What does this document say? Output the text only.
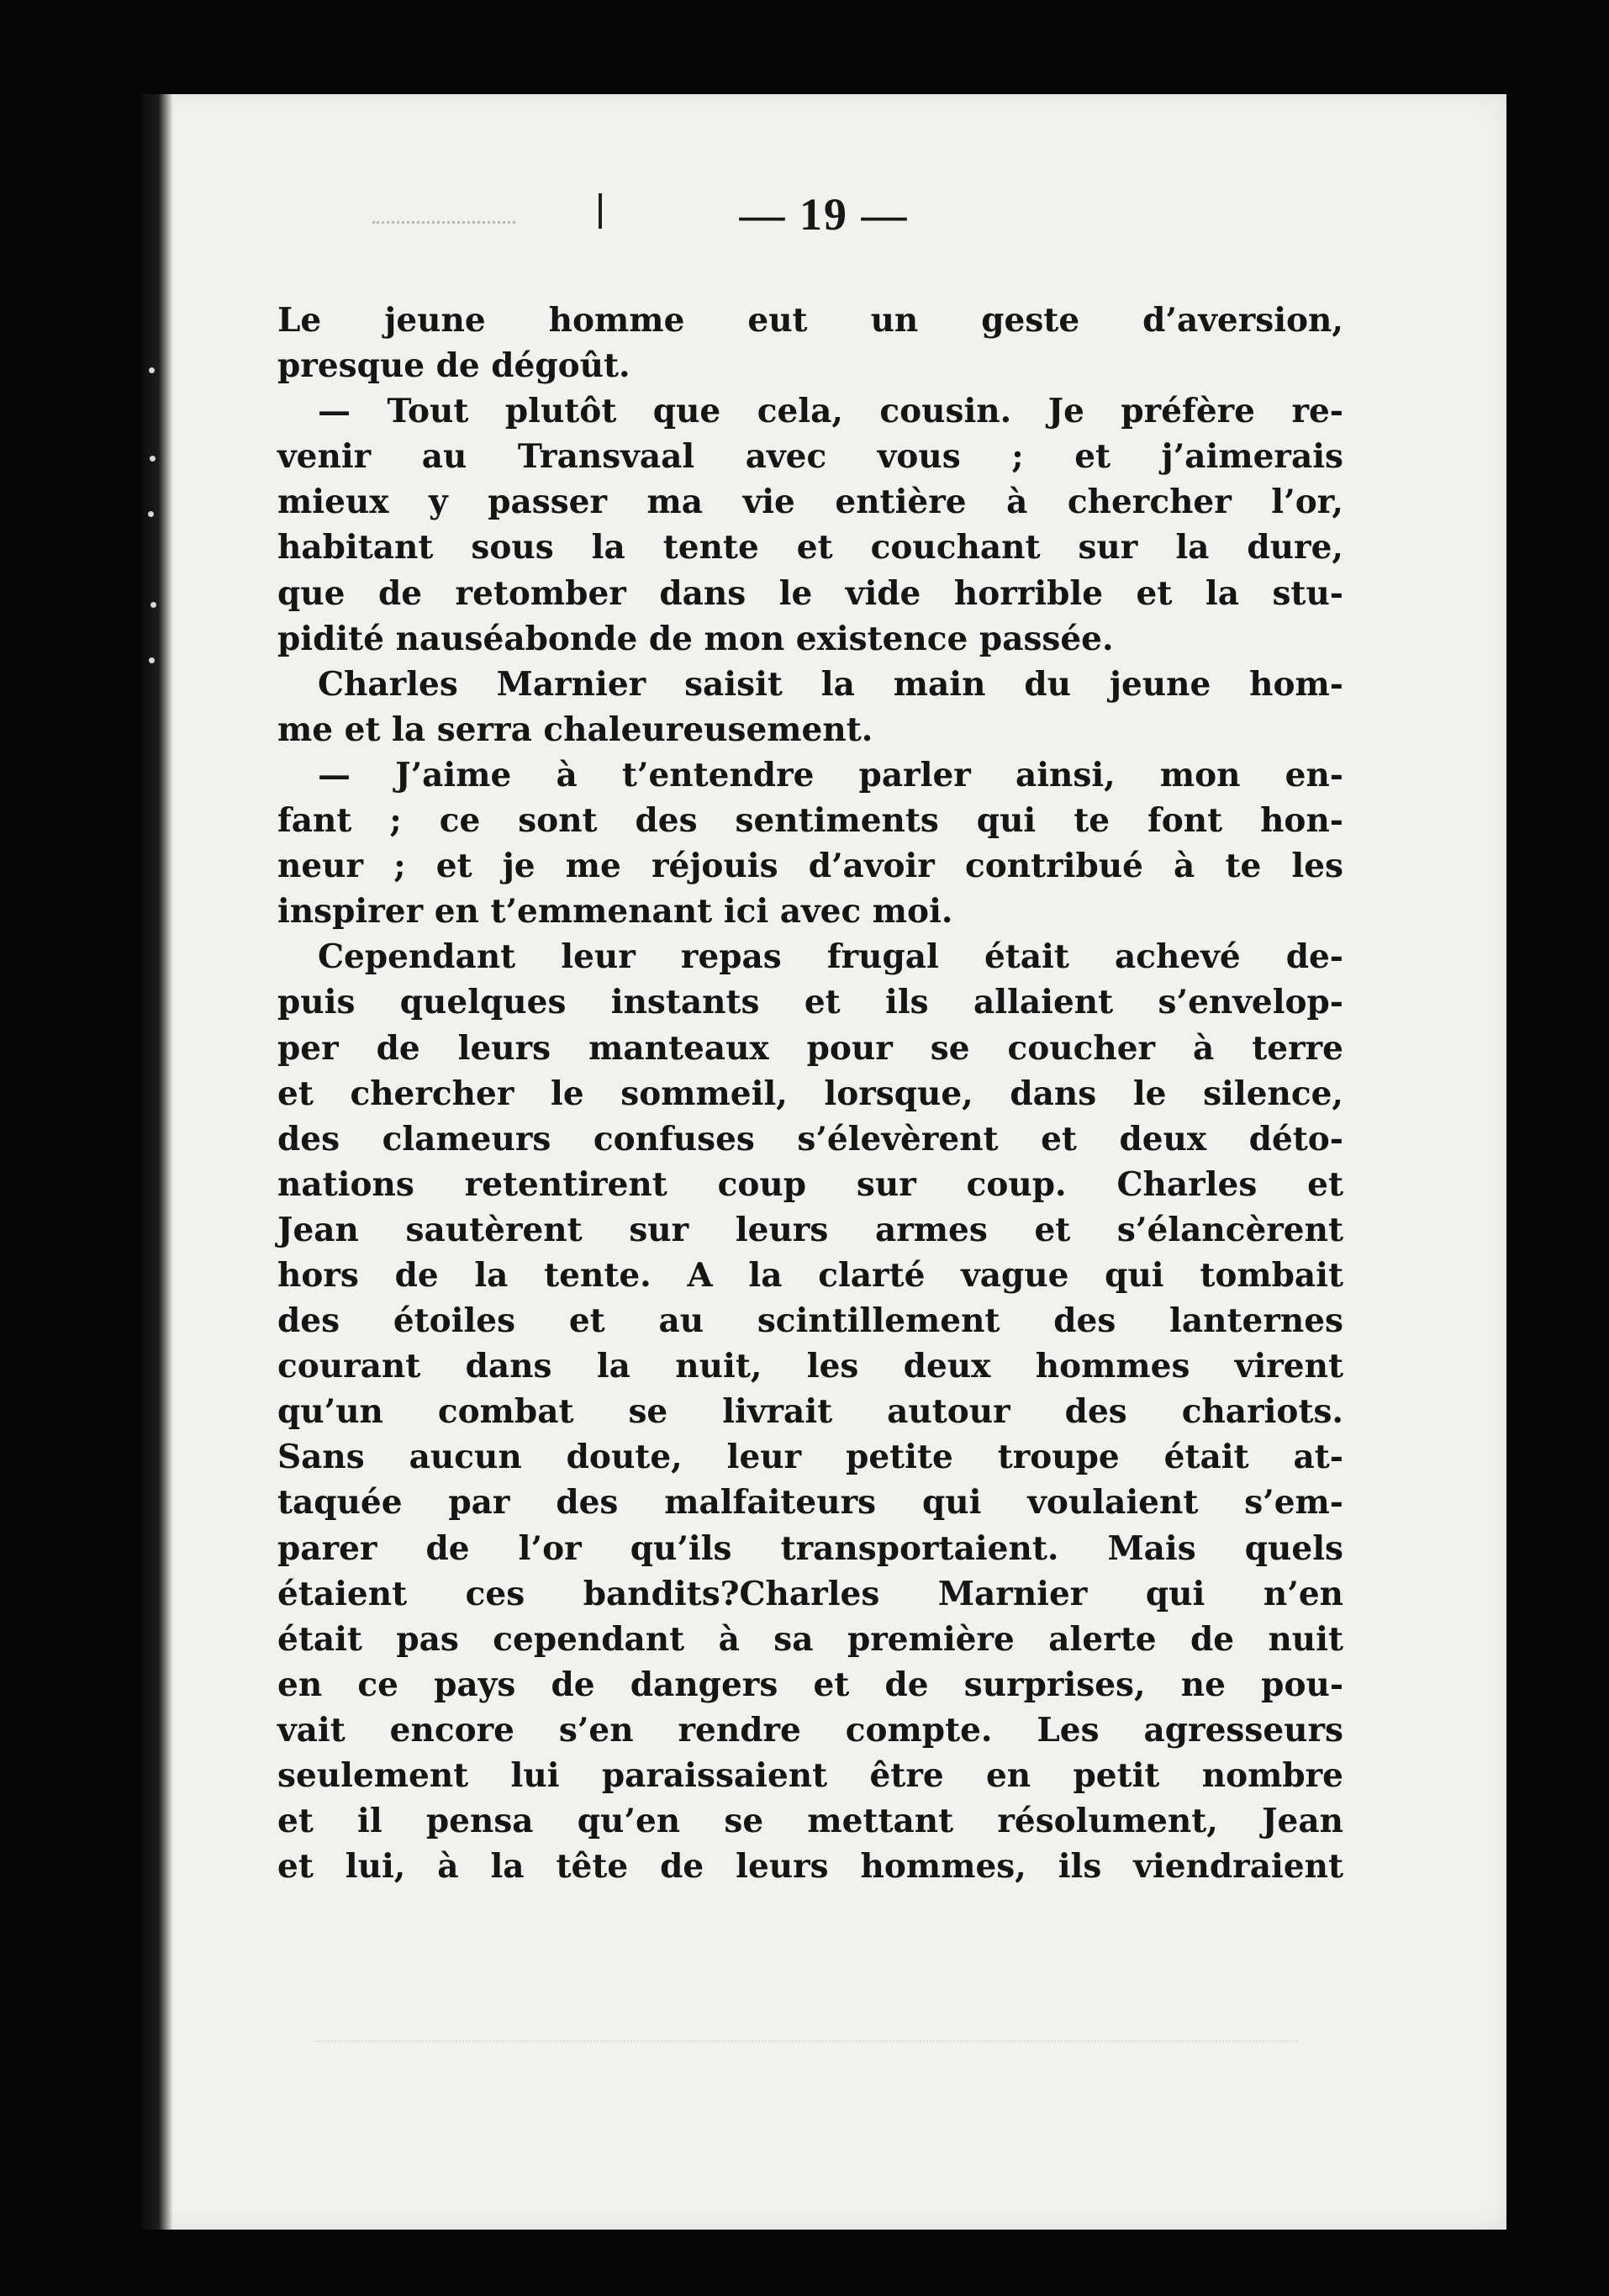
— 19 —
Le jeune homme eut un geste d’aversion,
presque de dégoût.
— Tout plutôt que cela, cousin. Je préfère re-
venir au Transvaal avec vous ; et j’aimerais
mieux y passer ma vie entière à chercher l’or,
habitant sous la tente et couchant sur la dure,
que de retomber dans le vide horrible et la stu-
pidité nauséabonde de mon existence passée.
Charles Marnier saisit la main du jeune hom-
me et la serra chaleureusement.
— J’aime à t’entendre parler ainsi, mon en-
fant ; ce sont des sentiments qui te font hon-
neur ; et je me réjouis d’avoir contribué à te les
inspirer en t’emmenant ici avec moi.
Cependant leur repas frugal était achevé de-
puis quelques instants et ils allaient s’envelop-
per de leurs manteaux pour se coucher à terre
et chercher le sommeil, lorsque, dans le silence,
des clameurs confuses s’élevèrent et deux déto-
nations retentirent coup sur coup. Charles et
Jean sautèrent sur leurs armes et s’élancèrent
hors de la tente. A la clarté vague qui tombait
des étoiles et au scintillement des lanternes
courant dans la nuit, les deux hommes virent
qu’un combat se livrait autour des chariots.
Sans aucun doute, leur petite troupe était at-
taquée par des malfaiteurs qui voulaient s’em-
parer de l’or qu’ils transportaient. Mais quels
étaient ces bandits?Charles Marnier qui n’en
était pas cependant à sa première alerte de nuit
en ce pays de dangers et de surprises, ne pou-
vait encore s’en rendre compte. Les agresseurs
seulement lui paraissaient être en petit nombre
et il pensa qu’en se mettant résolument, Jean
et lui, à la tête de leurs hommes, ils viendraient
